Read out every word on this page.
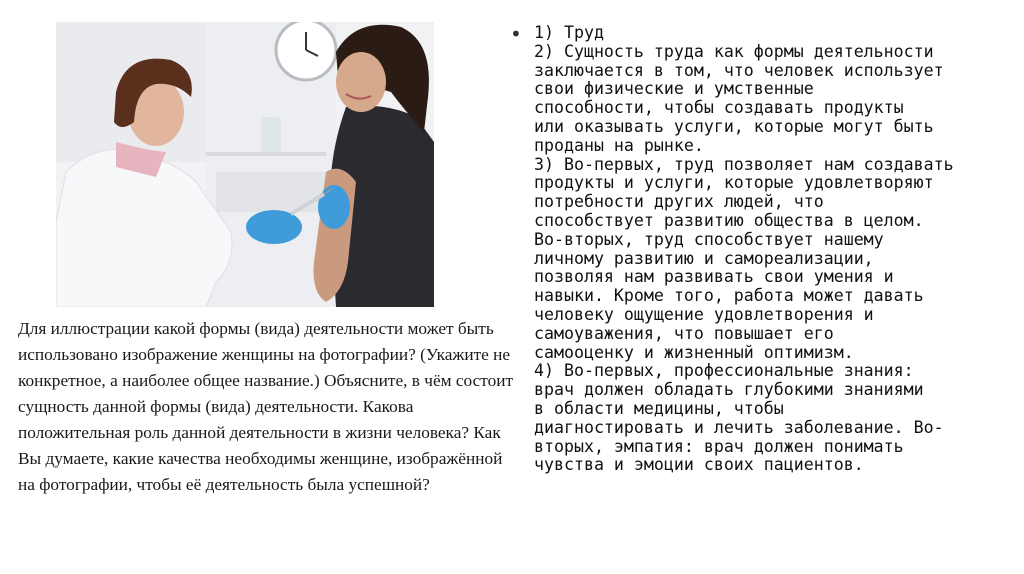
Для иллюстрации какой формы (вида) деятельности может быть использовано изображение женщины на фотографии? (Укажите не конкретное, а наиболее общее название.) Объясните, в чём состоит сущность данной формы (вида) деятельности. Какова положительная роль данной деятельности в жизни человека? Как Вы думаете, какие качества необходимы женщине, изображённой на фотографии, чтобы её деятельность была успешной?
• 1) Труд
2) Сущность труда как формы деятельности
заключается в том, что человек использует
свои физические и умственные
способности, чтобы создавать продукты
или оказывать услуги, которые могут быть
проданы на рынке.
3) Во-первых, труд позволяет нам создавать
продукты и услуги, которые удовлетворяют
потребности других людей, что
способствует развитию общества в целом.
Во-вторых, труд способствует нашему
личному развитию и самореализации,
позволяя нам развивать свои умения и
навыки. Кроме того, работа может давать
человеку ощущение удовлетворения и
самоуважения, что повышает его
самооценку и жизненный оптимизм.
4) Во-первых, профессиональные знания:
врач должен обладать глубокими знаниями
в области медицины, чтобы
диагностировать и лечить заболевание. Во-
вторых, эмпатия: врач должен понимать
чувства и эмоции своих пациентов.
